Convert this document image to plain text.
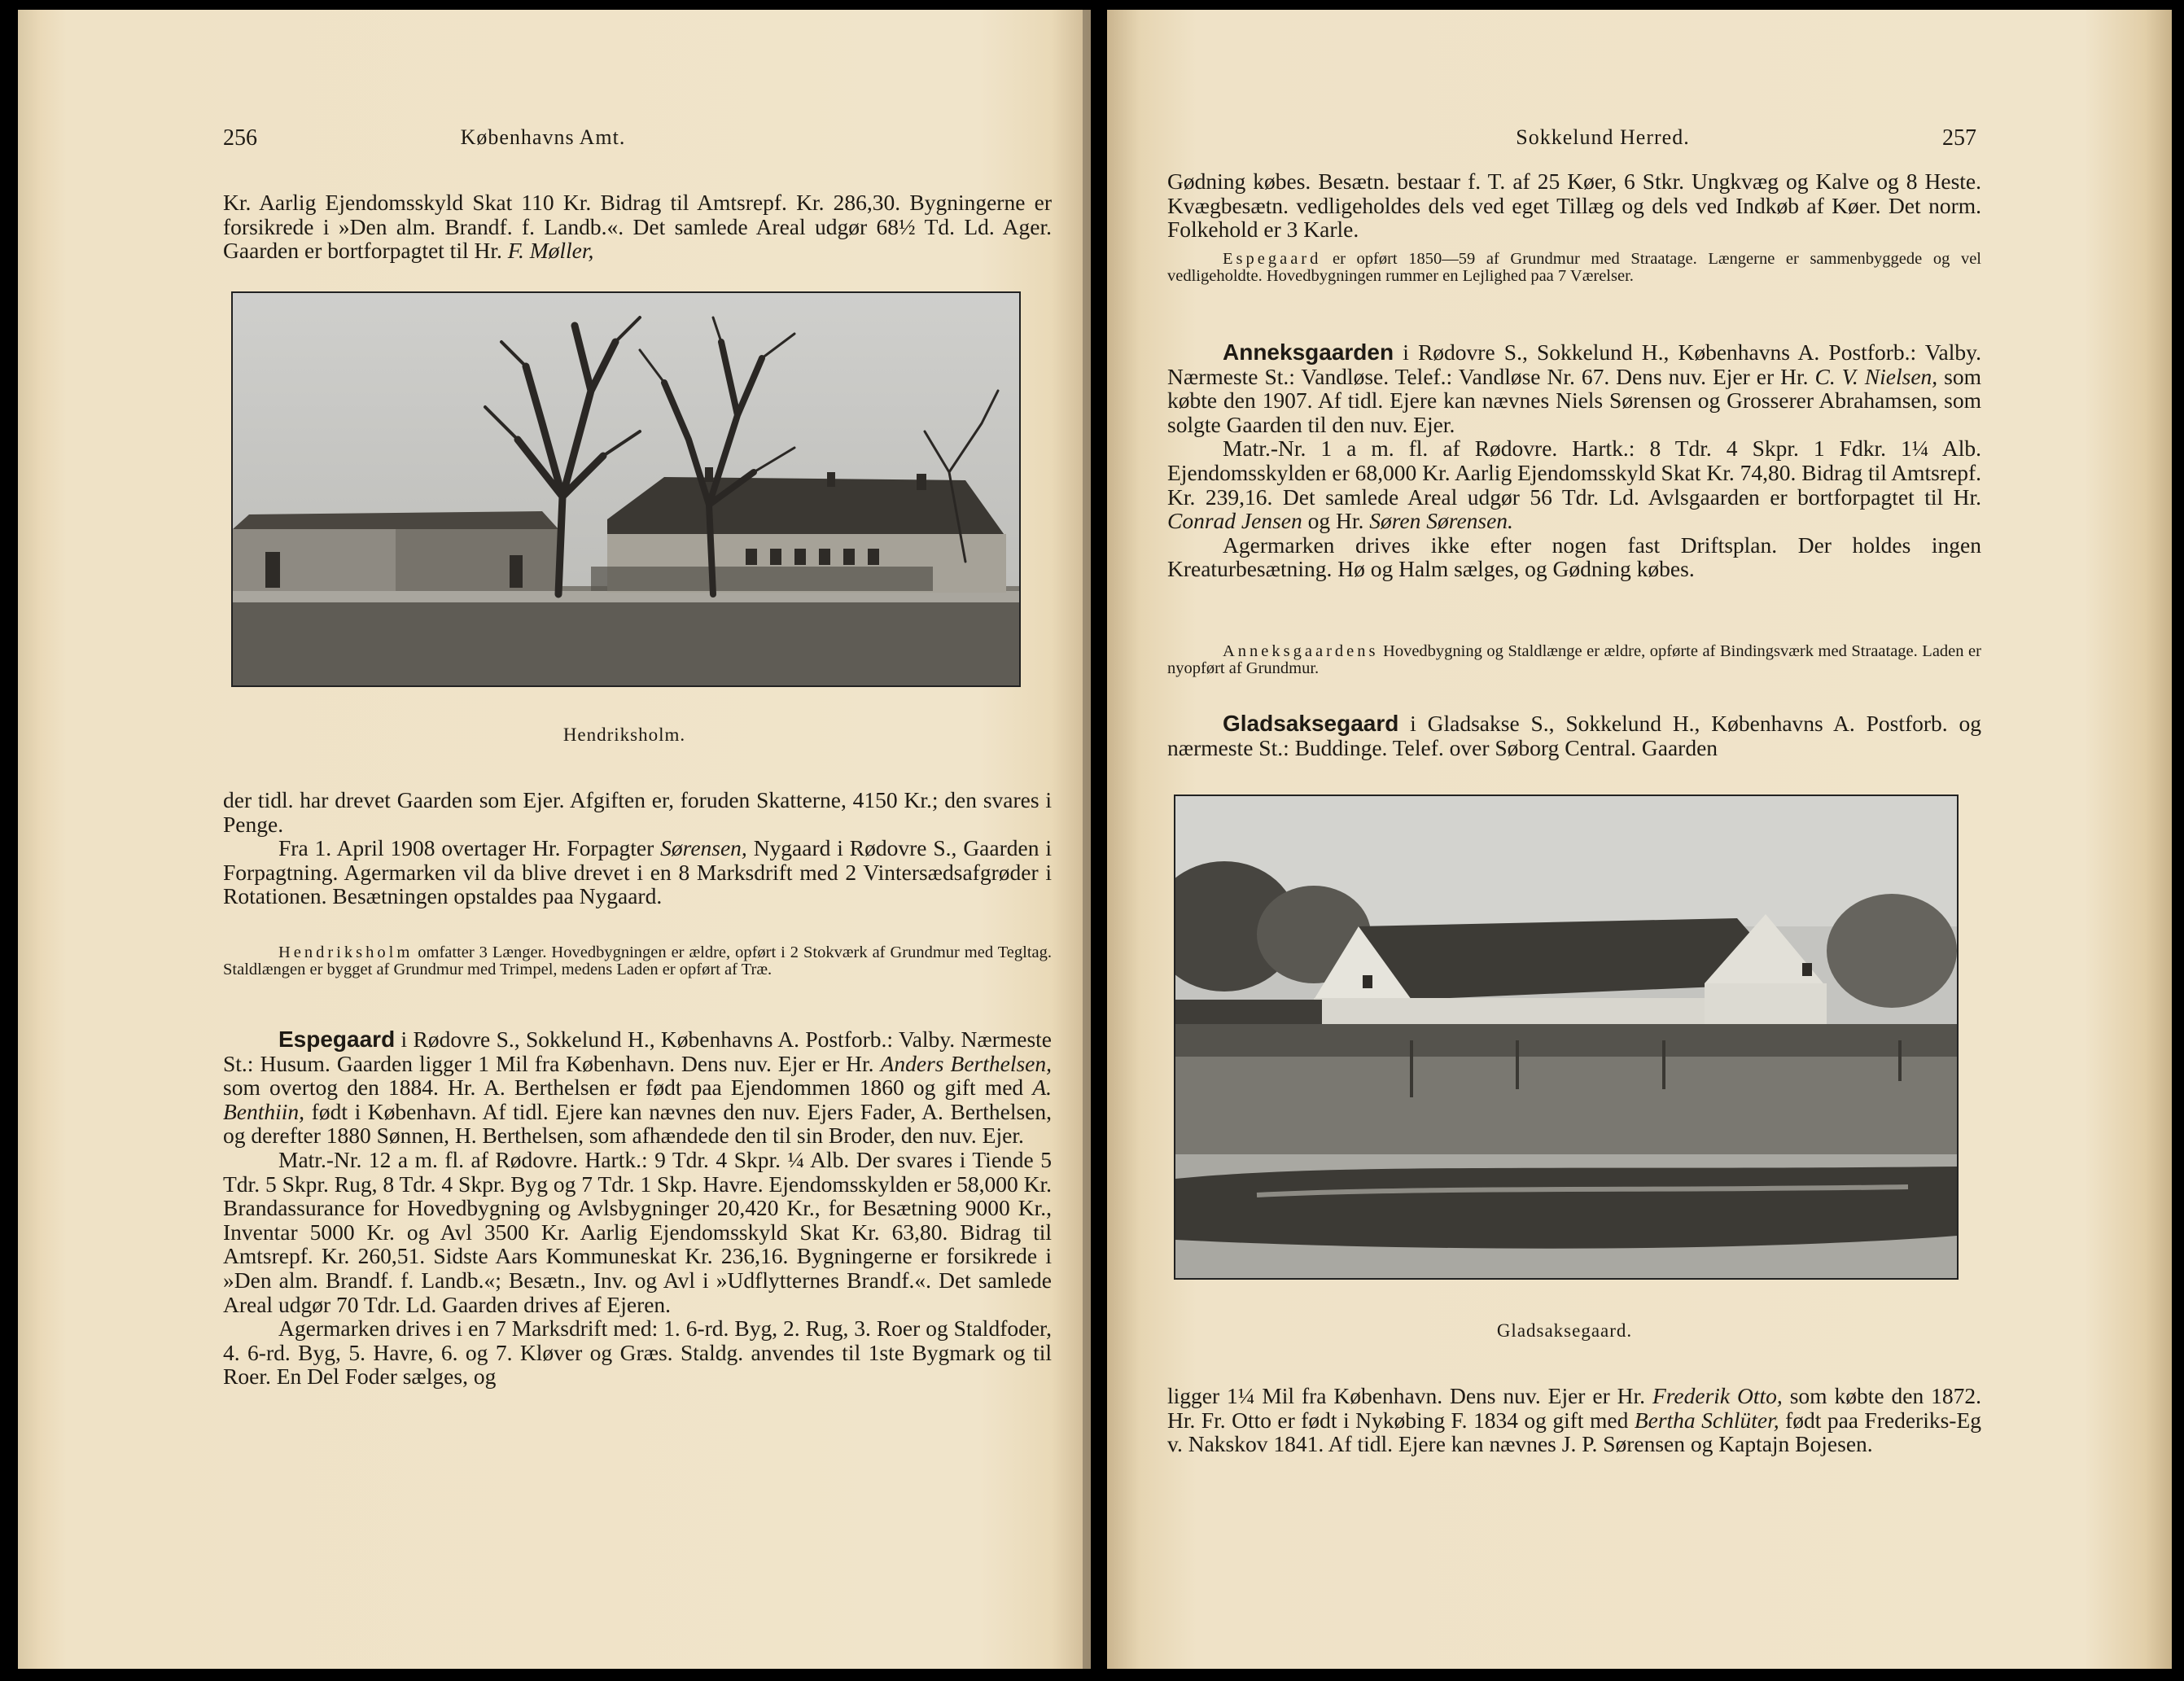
256	Københavns Amt.

Kr. Aarlig Ejendomsskyld Skat 110 Kr. Bidrag til Amtsrepf. Kr. 286,30. Bygningerne er forsikrede i »Den alm. Brandf. f. Landb.«. Det samlede Areal udgør 68½ Td. Ld. Ager. Gaarden er bortforpagtet til Hr. F. Møller,

Hendriksholm.

der tidl. har drevet Gaarden som Ejer. Afgiften er, foruden Skatterne, 4150 Kr.; den svares i Penge.

Fra 1. April 1908 overtager Hr. Forpagter Sørensen, Nygaard i Rødovre S., Gaarden i Forpagtning. Agermarken vil da blive drevet i en 8 Marksdrift med 2 Vintersædsafgrøder i Rotationen. Besætningen opstaldes paa Nygaard.

Hendriksholm omfatter 3 Længer. Hovedbygningen er ældre, opført i 2 Stokværk af Grundmur med Tegltag. Staldlængen er bygget af Grundmur med Trimpel, medens Laden er opført af Træ.

Espegaard i Rødovre S., Sokkelund H., Københavns A. Postforb.: Valby. Nærmeste St.: Husum. Gaarden ligger 1 Mil fra København. Dens nuv. Ejer er Hr. Anders Berthelsen, som overtog den 1884. Hr. A. Berthelsen er født paa Ejendommen 1860 og gift med A. Benthiin, født i København. Af tidl. Ejere kan nævnes den nuv. Ejers Fader, A. Berthelsen, og derefter 1880 Sønnen, H. Berthelsen, som afhændede den til sin Broder, den nuv. Ejer.

Matr.-Nr. 12 a m. fl. af Rødovre. Hartk.: 9 Tdr. 4 Skpr. ¼ Alb. Der svares i Tiende 5 Tdr. 5 Skpr. Rug, 8 Tdr. 4 Skpr. Byg og 7 Tdr. 1 Skp. Havre. Ejendomsskylden er 58,000 Kr. Brandassurance for Hovedbygning og Avlsbygninger 20,420 Kr., for Besætning 9000 Kr., Inventar 5000 Kr. og Avl 3500 Kr. Aarlig Ejendomsskyld Skat Kr. 63,80. Bidrag til Amtsrepf. Kr. 260,51. Sidste Aars Kommuneskat Kr. 236,16. Bygningerne er forsikrede i »Den alm. Brandf. f. Landb.«; Besætn., Inv. og Avl i »Udflytternes Brandf.«. Det samlede Areal udgør 70 Tdr. Ld. Gaarden drives af Ejeren.

Agermarken drives i en 7 Marksdrift med: 1. 6-rd. Byg, 2. Rug, 3. Roer og Staldfoder, 4. 6-rd. Byg, 5. Havre, 6. og 7. Kløver og Græs. Staldg. anvendes til 1ste Bygmark og til Roer. En Del Foder sælges, og

Sokkelund Herred.	257

Gødning købes. Besætn. bestaar f. T. af 25 Køer, 6 Stkr. Ungkvæg og Kalve og 8 Heste. Kvægbesætn. vedligeholdes dels ved eget Tillæg og dels ved Indkøb af Køer. Det norm. Folkehold er 3 Karle.

Espegaard er opført 1850—59 af Grundmur med Straatage. Længerne er sammenbyggede og vel vedligeholdte. Hovedbygningen rummer en Lejlighed paa 7 Værelser.

Anneksgaarden i Rødovre S., Sokkelund H., Københavns A. Postforb.: Valby. Nærmeste St.: Vandløse. Telef.: Vandløse Nr. 67. Dens nuv. Ejer er Hr. C. V. Nielsen, som købte den 1907. Af tidl. Ejere kan nævnes Niels Sørensen og Grosserer Abrahamsen, som solgte Gaarden til den nuv. Ejer.

Matr.-Nr. 1 a m. fl. af Rødovre. Hartk.: 8 Tdr. 4 Skpr. 1 Fdkr. 1¼ Alb. Ejendomsskylden er 68,000 Kr. Aarlig Ejendomsskyld Skat Kr. 74,80. Bidrag til Amtsrepf. Kr. 239,16. Det samlede Areal udgør 56 Tdr. Ld. Avlsgaarden er bortforpagtet til Hr. Conrad Jensen og Hr. Søren Sørensen.

Agermarken drives ikke efter nogen fast Driftsplan. Der holdes ingen Kreaturbesætning. Hø og Halm sælges, og Gødning købes.

Anneksgaardens Hovedbygning og Staldlænge er ældre, opførte af Bindingsværk med Straatage. Laden er nyopført af Grundmur.

Gladsaksegaard i Gladsakse S., Sokkelund H., Københavns A. Postforb. og nærmeste St.: Buddinge. Telef. over Søborg Central. Gaarden

Gladsaksegaard.

ligger 1¼ Mil fra København. Dens nuv. Ejer er Hr. Frederik Otto, som købte den 1872. Hr. Fr. Otto er født i Nykøbing F. 1834 og gift med Bertha Schlüter, født paa Frederiks-Eg v. Nakskov 1841. Af tidl. Ejere kan nævnes J. P. Sørensen og Kaptajn Bojesen.
